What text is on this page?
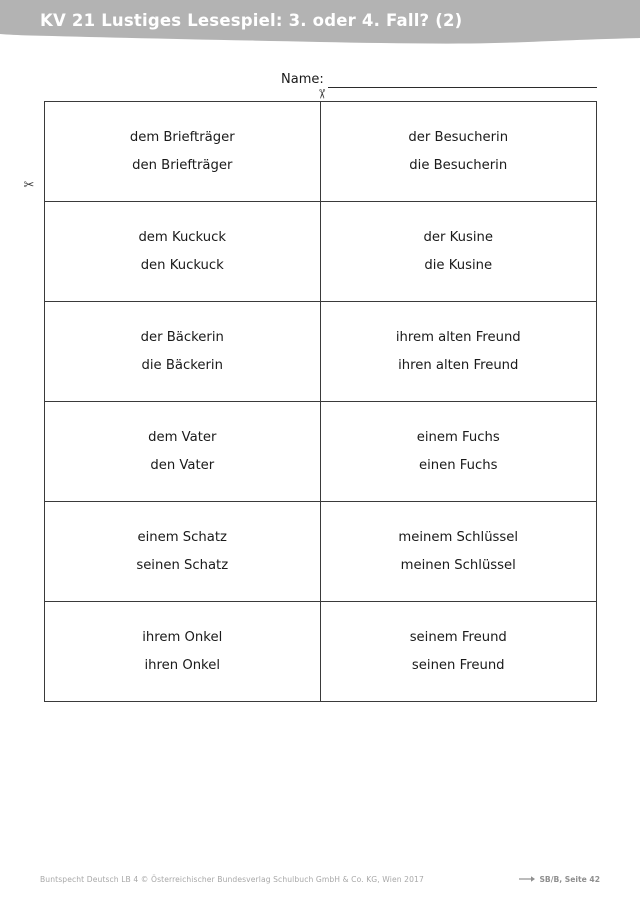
KV 21 Lustiges Lesespiel: 3. oder 4. Fall? (2)
Name:
✂
✂
dem Briefträger
den Briefträger
der Besucherin
die Besucherin
dem Kuckuck
den Kuckuck
der Kusine
die Kusine
der Bäckerin
die Bäckerin
ihrem alten Freund
ihren alten Freund
dem Vater
den Vater
einem Fuchs
einen Fuchs
einem Schatz
seinen Schatz
meinem Schlüssel
meinen Schlüssel
ihrem Onkel
ihren Onkel
seinem Freund
seinen Freund
Buntspecht Deutsch LB 4 © Österreichischer Bundesverlag Schulbuch GmbH & Co. KG, Wien 2017	SB/B, Seite 42
